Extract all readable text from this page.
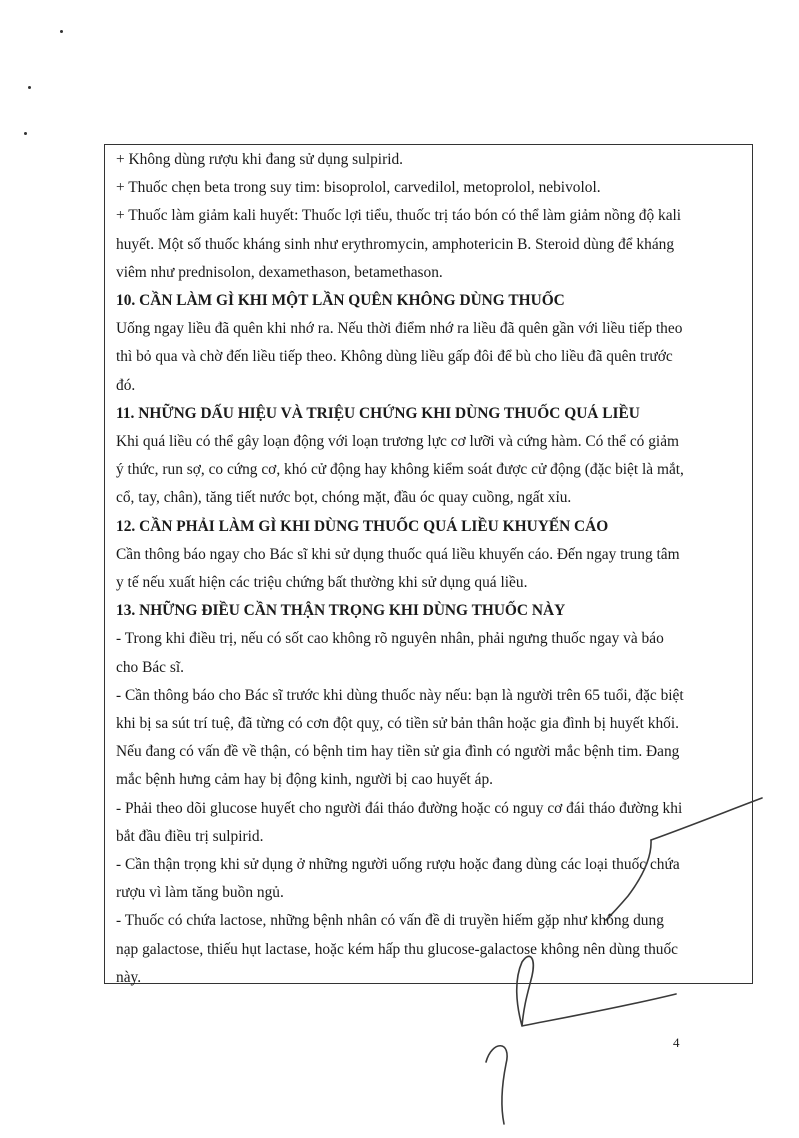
+ Không dùng rượu khi đang sử dụng sulpirid.

+ Thuốc chẹn beta trong suy tim: bisoprolol, carvedilol, metoprolol, nebivolol.

+ Thuốc làm giảm kali huyết: Thuốc lợi tiểu, thuốc trị táo bón có thể làm giảm nồng độ kali

huyết. Một số thuốc kháng sinh như erythromycin, amphotericin B. Steroid dùng để kháng

viêm như prednisolon, dexamethason, betamethason.

10. CẦN LÀM GÌ KHI MỘT LẦN QUÊN KHÔNG DÙNG THUỐC

Uống ngay liều đã quên khi nhớ ra. Nếu thời điểm nhớ ra liều đã quên gần với liều tiếp theo

thì bỏ qua và chờ đến liều tiếp theo. Không dùng liều gấp đôi để bù cho liều đã quên trước

đó.

11. NHỮNG DẤU HIỆU VÀ TRIỆU CHỨNG KHI DÙNG THUỐC QUÁ LIỀU

Khi quá liều có thể gây loạn động với loạn trương lực cơ lưỡi và cứng hàm. Có thể có giảm

ý thức, run sợ, co cứng cơ, khó cử động hay không kiểm soát được cử động (đặc biệt là mắt,

cổ, tay, chân), tăng tiết nước bọt, chóng mặt, đầu óc quay cuồng, ngất xỉu.

12. CẦN PHẢI LÀM GÌ KHI DÙNG THUỐC QUÁ LIỀU KHUYẾN CÁO

Cần thông báo ngay cho Bác sĩ khi sử dụng thuốc quá liều khuyến cáo. Đến ngay trung tâm

y tế nếu xuất hiện các triệu chứng bất thường khi sử dụng quá liều.

13. NHỮNG ĐIỀU CẦN THẬN TRỌNG KHI DÙNG THUỐC NÀY

- Trong khi điều trị, nếu có sốt cao không rõ nguyên nhân, phải ngưng thuốc ngay và báo

cho Bác sĩ.

- Cần thông báo cho Bác sĩ trước khi dùng thuốc này nếu: bạn là người trên 65 tuổi, đặc biệt

khi bị sa sút trí tuệ, đã từng có cơn đột quỵ, có tiền sử bản thân hoặc gia đình bị huyết khối.

Nếu đang có vấn đề về thận, có bệnh tim hay tiền sử gia đình có người mắc bệnh tim. Đang

mắc bệnh hưng cảm hay bị động kinh, người bị cao huyết áp.

- Phải theo dõi glucose huyết cho người đái tháo đường hoặc có nguy cơ đái tháo đường khi

bắt đầu điều trị sulpirid.

- Cần thận trọng khi sử dụng ở những người uống rượu hoặc đang dùng các loại thuốc chứa

rượu vì làm tăng buồn ngủ.

- Thuốc có chứa lactose, những bệnh nhân có vấn đề di truyền hiếm gặp như không dung

nạp galactose, thiếu hụt lactase, hoặc kém hấp thu glucose-galactose không nên dùng thuốc

này.

4
